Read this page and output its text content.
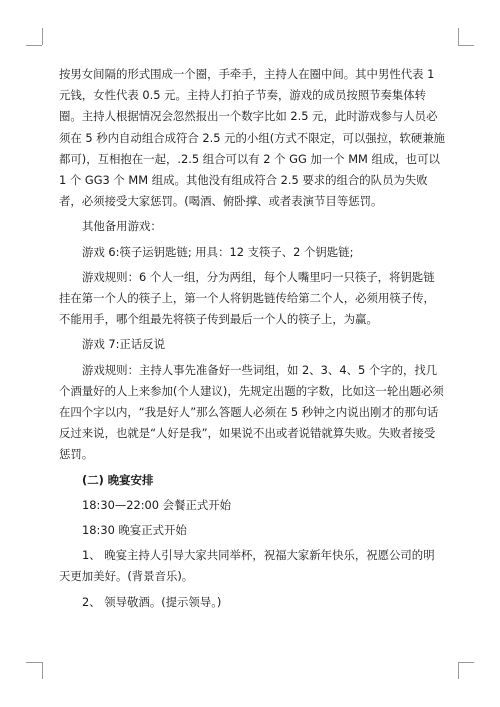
按男女间隔的形式围成一个圈，手牵手，主持人在圈中间。其中男性代表 1 元钱，女性代表 0.5 元。主持人打拍子节奏，游戏的成员按照节奏集体转圈。主持人根据情况会忽然报出一个数字比如 2.5 元，此时游戏参与人员必须在 5 秒内自动组合成符合 2.5 元的小组(方式不限定，可以强拉，软硬兼施都可)，互相抱在一起，.2.5 组合可以有 2 个 GG 加一个 MM 组成，也可以 1 个 GG3 个 MM 组成。其他没有组成符合 2.5 要求的组合的队员为失败者，必须接受大家惩罚。(喝酒、俯卧撑、或者表演节目等惩罚。

其他备用游戏：

游戏 6:筷子运钥匙链; 用具：12 支筷子、2 个钥匙链;

游戏规则：6 个人一组，分为两组，每个人嘴里叼一只筷子，将钥匙链挂在第一个人的筷子上，第一个人将钥匙链传给第二个人，必须用筷子传，不能用手，哪个组最先将筷子传到最后一个人的筷子上，为赢。

游戏 7:正话反说

游戏规则：主持人事先准备好一些词组，如 2、3、4、5 个字的，找几个酒量好的人上来参加(个人建议)，先规定出题的字数，比如这一轮出题必须在四个字以内，“我是好人”那么答题人必须在 5 秒钟之内说出刚才的那句话反过来说，也就是“人好是我”，如果说不出或者说错就算失败。失败者接受惩罚。

(二) 晚宴安排

18:30—22:00 会餐正式开始

18:30 晚宴正式开始

1、 晚宴主持人引导大家共同举杯，祝福大家新年快乐，祝愿公司的明天更加美好。(背景音乐)。

2、 领导敬酒。(提示领导。)
